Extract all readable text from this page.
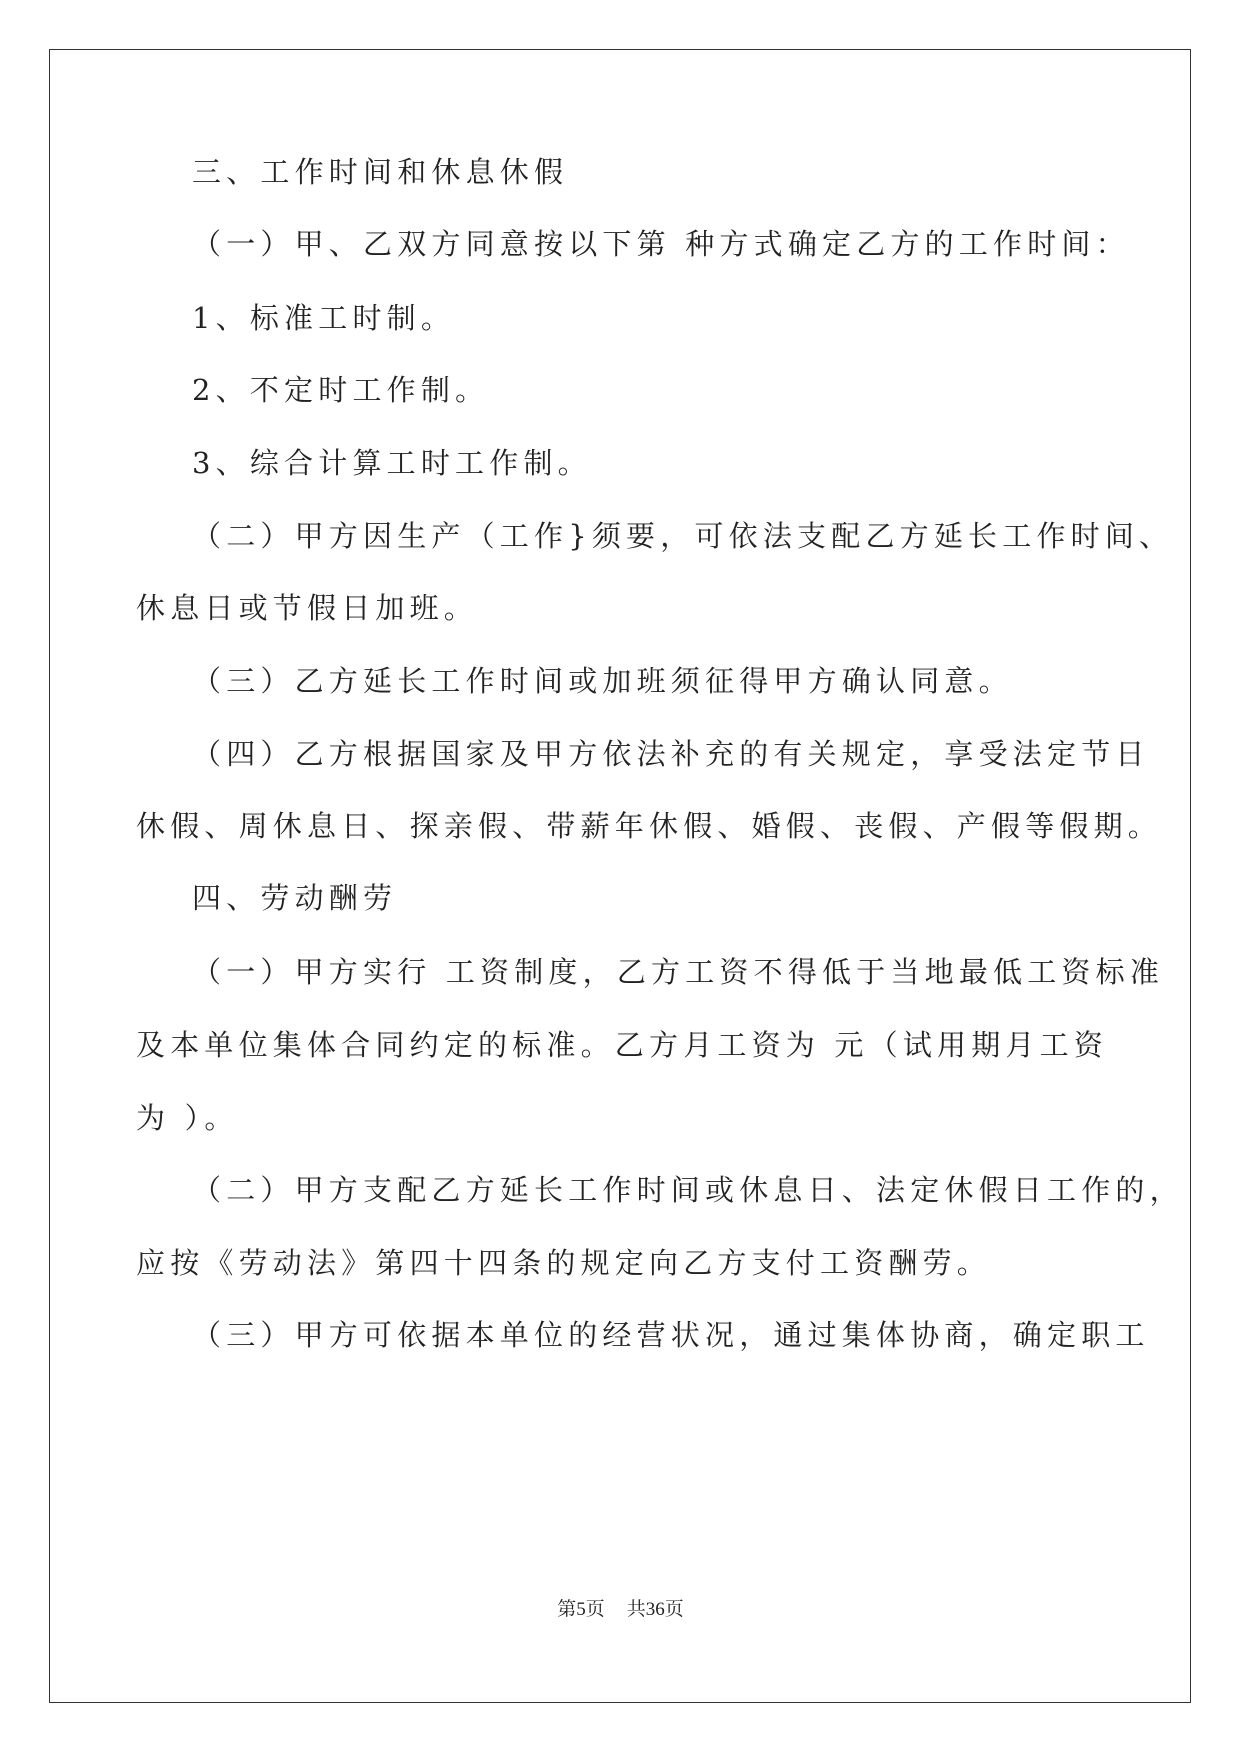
三、工作时间和休息休假
（一）甲、乙双方同意按以下第 种方式确定乙方的工作时间：
1、标准工时制。
2、不定时工作制。
3、综合计算工时工作制。
（二）甲方因生产（工作}须要，可依法支配乙方延长工作时间、
休息日或节假日加班。
（三）乙方延长工作时间或加班须征得甲方确认同意。
（四）乙方根据国家及甲方依法补充的有关规定，享受法定节日
休假、周休息日、探亲假、带薪年休假、婚假、丧假、产假等假期。
四、劳动酬劳
（一）甲方实行 工资制度，乙方工资不得低于当地最低工资标准
及本单位集体合同约定的标准。乙方月工资为 元（试用期月工资
为 ）。
（二）甲方支配乙方延长工作时间或休息日、法定休假日工作的，
应按《劳动法》第四十四条的规定向乙方支付工资酬劳。
（三）甲方可依据本单位的经营状况，通过集体协商，确定职工
第5页 共36页
